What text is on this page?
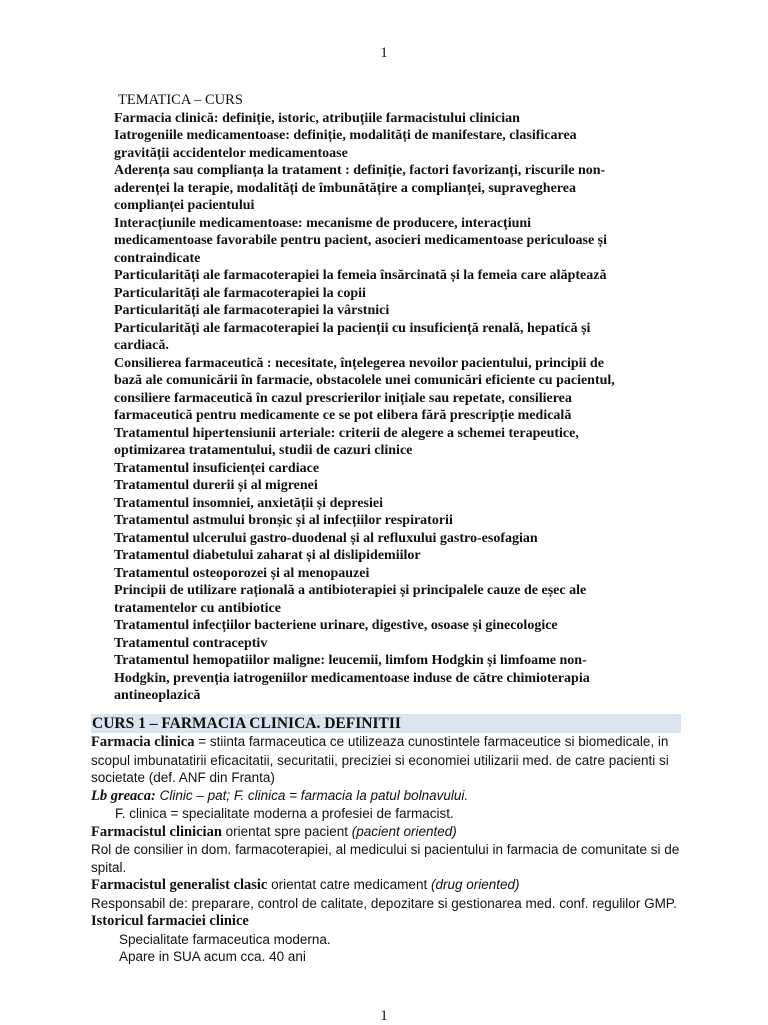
1
TEMATICA – CURS
Farmacia clinică: definiție, istoric, atribuțiile farmacistului clinician
Iatrogeniile medicamentoase: definiție, modalități de manifestare, clasificarea
gravității accidentelor medicamentoase
Aderența sau complianța la tratament : definiție, factori favorizanți, riscurile non-
aderenței la terapie, modalități de îmbunătățire a complianței, supravegherea
complianței pacientului
Interacțiunile medicamentoase: mecanisme de producere, interacțiuni
medicamentoase favorabile pentru pacient, asocieri medicamentoase periculoase și
contraindicate
Particularități ale farmacoterapiei la femeia însărcinată și la femeia care alăptează
Particularități ale farmacoterapiei la copii
Particularități ale farmacoterapiei la vârstnici
Particularități ale farmacoterapiei la pacienții cu insuficiență renală, hepatică și
cardiacă.
Consilierea farmaceutică : necesitate, înțelegerea nevoilor pacientului, principii de
bază ale comunicării în farmacie, obstacolele unei comunicări eficiente cu pacientul,
consiliere farmaceutică în cazul prescrierilor inițiale sau repetate, consilierea
farmaceutică pentru medicamente ce se pot elibera fără prescripție medicală
Tratamentul hipertensiunii arteriale: criterii de alegere a schemei terapeutice,
optimizarea tratamentului, studii de cazuri clinice
Tratamentul insuficienței cardiace
Tratamentul durerii și al migrenei
Tratamentul insomniei, anxietății și depresiei
Tratamentul astmului bronșic și al infecțiilor respiratorii
Tratamentul ulcerului gastro-duodenal și al refluxului gastro-esofagian
Tratamentul diabetului zaharat și al dislipidemiilor
Tratamentul osteoporozei și al menopauzei
Principii de utilizare rațională a antibioterapiei și principalele cauze de eșec ale
tratamentelor cu antibiotice
Tratamentul infecțiilor bacteriene urinare, digestive, osoase și ginecologice
Tratamentul contraceptiv
Tratamentul hemopatiilor maligne: leucemii, limfom Hodgkin și limfoame non-
Hodgkin, prevenția iatrogeniilor medicamentoase induse de către chimioterapia
antineoplazică
CURS 1 – FARMACIA CLINICA. DEFINITII
Farmacia clinica = stiinta farmaceutica ce utilizeaza cunostintele farmaceutice si biomedicale, in scopul imbunatatirii eficacitatii, securitatii, preciziei si economiei utilizarii med. de catre pacienti si societate (def. ANF din Franta)
Lb greaca: Clinic – pat; F. clinica = farmacia la patul bolnavului.
F. clinica = specialitate moderna a profesiei de farmacist.
Farmacistul clinician orientat spre pacient (pacient oriented)
Rol de consilier in dom. farmacoterapiei, al medicului si pacientului in farmacia de comunitate si de spital.
Farmacistul generalist clasic orientat catre medicament (drug oriented)
Responsabil de: preparare, control de calitate, depozitare si gestionarea med. conf. regulilor GMP.
Istoricul farmaciei clinice
Specialitate farmaceutica moderna.
Apare in SUA acum cca. 40 ani
1
